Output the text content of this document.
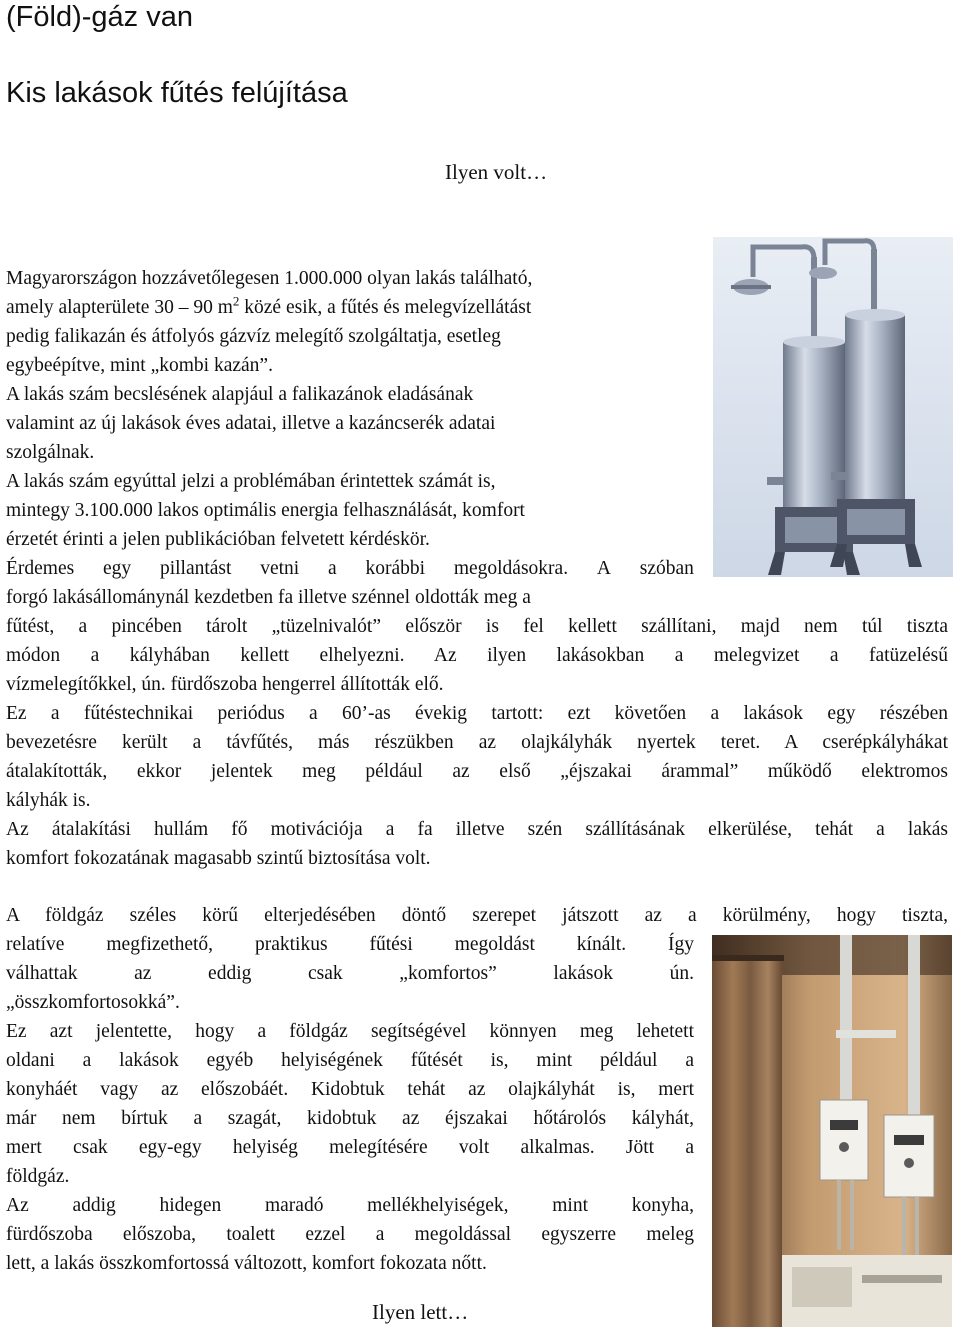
(Föld)-gáz van
Kis lakások fűtés felújítása
Ilyen volt…
Magyarországon hozzávetőlegesen 1.000.000 olyan lakás található,
amely alapterülete 30 – 90 $m^2$ közé esik, a fűtés és melegvízellátást
pedig falikazán és átfolyós gázvíz melegítő szolgáltatja, esetleg
egybeépítve, mint „kombi kazán”.
A lakás szám becslésének alapjául a falikazánok eladásának
valamint az új lakások éves adatai, illetve a kazáncserék adatai
szolgálnak.
A lakás szám egyúttal jelzi a problémában érintettek számát is,
mintegy 3.100.000 lakos optimális energia felhasználását, komfort
érzetét érinti a jelen publikációban felvetett kérdéskör.
Érdemes egy pillantást vetni a korábbi megoldásokra. A szóban
forgó lakásállománynál kezdetben fa illetve szénnel oldották meg a
fűtést, a pincében tárolt „tüzelnivalót” először is fel kellett szállítani, majd nem túl tiszta
módon a kályhában kellett elhelyezni. Az ilyen lakásokban a melegvizet a fatüzelésű
vízmelegítőkkel, ún. fürdőszoba hengerrel állították elő.
Ez a fűtéstechnikai periódus a 60’-as évekig tartott: ezt követően a lakások egy részében
bevezetésre került a távfűtés, más részükben az olajkályhák nyertek teret. A cserépkályhákat
átalakították, ekkor jelentek meg például az első „éjszakai árammal” működő elektromos
kályhák is.
Az átalakítási hullám fő motivációja a fa illetve szén szállításának elkerülése, tehát a lakás
komfort fokozatának magasabb szintű biztosítása volt.
A földgáz széles körű elterjedésében döntő szerepet játszott az a körülmény, hogy tiszta,
relatíve megfizethető, praktikus fűtési megoldást kínált. Így
válhattak az eddig csak „komfortos” lakások ún.
„összkomfortosokká”.
Ez azt jelentette, hogy a földgáz segítségével könnyen meg lehetett
oldani a lakások egyéb helyiségének fűtését is, mint például a
konyháét vagy az előszobáét. Kidobtuk tehát az olajkályhát is, mert
már nem bírtuk a szagát, kidobtuk az éjszakai hőtárolós kályhát,
mert csak egy-egy helyiség melegítésére volt alkalmas. Jött a
földgáz.
Az addig hidegen maradó mellékhelyiségek, mint konyha,
fürdőszoba előszoba, toalett ezzel a megoldással egyszerre meleg
lett, a lakás összkomfortossá változott, komfort fokozata nőtt.
Ilyen lett…
